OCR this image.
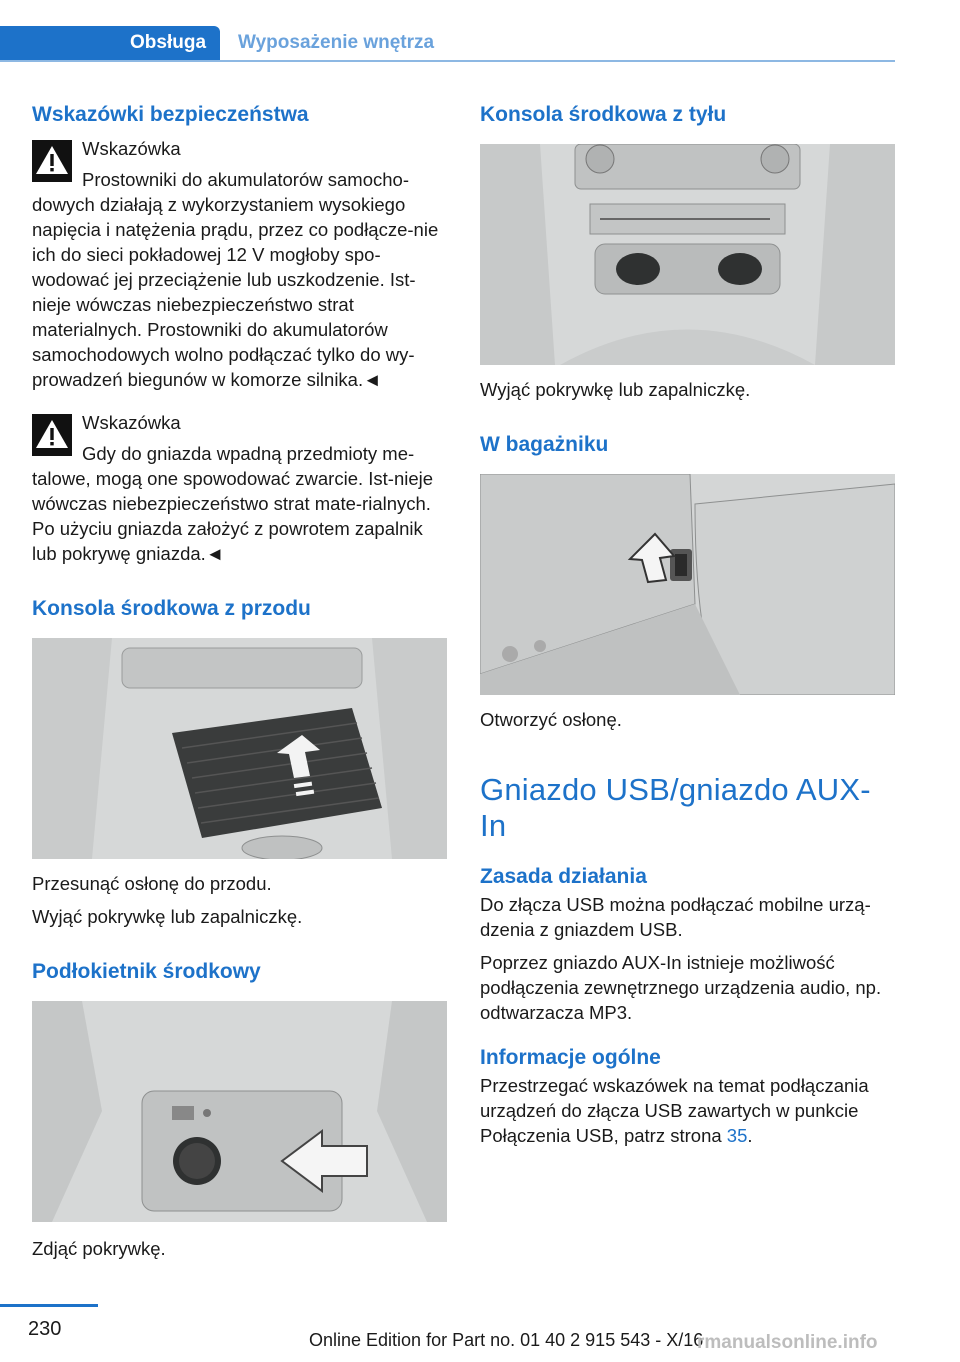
Obsługa	Wyposażenie wnętrza
Wskazówki bezpieczeństwa

Wskazówka

Prostowniki do akumulatorów samocho-dowych działają z wykorzystaniem wysokiego napięcia i natężenia prądu, przez co podłącze-nie ich do sieci pokładowej 12 V mogłoby spo-wodować jej przeciążenie lub uszkodzenie. Ist-nieje wówczas niebezpieczeństwo strat materialnych. Prostowniki do akumulatorów samochodowych wolno podłączać tylko do wy-prowadzeń biegunów w komorze silnika.◄

Wskazówka

Gdy do gniazda wpadną przedmioty me-talowe, mogą one spowodować zwarcie. Ist-nieje wówczas niebezpieczeństwo strat mate-rialnych. Po użyciu gniazda założyć z powrotem zapalnik lub pokrywę gniazda.◄

Konsola środkowa z przodu

Przesunąć osłonę do przodu.

Wyjąć pokrywkę lub zapalniczkę.

Podłokietnik środkowy

Zdjąć pokrywkę.

Konsola środkowa z tyłu

Wyjąć pokrywkę lub zapalniczkę.

W bagażniku

Otworzyć osłonę.

Gniazdo USB/gniazdo AUX-In
Zasada działania

Do złącza USB można podłączać mobilne urzą-dzenia z gniazdem USB.

Poprzez gniazdo AUX-In istnieje możliwość podłączenia zewnętrznego urządzenia audio, np. odtwarzacza MP3.

Informacje ogólne

Przestrzegać wskazówek na temat podłączania urządzeń do złącza USB zawartych w punkcie Połączenia USB, patrz strona 35.

230	Online Edition for Part no. 01 40 2 915 543 - X/16
rmanualsonline.info
